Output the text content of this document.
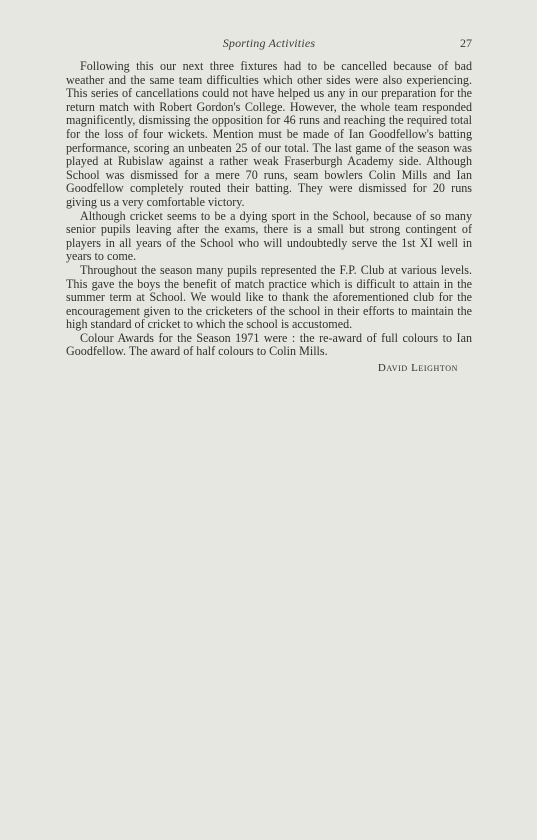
Sporting Activities	27

Following this our next three fixtures had to be cancelled because of bad weather and the same team difficulties which other sides were also experiencing. This series of cancellations could not have helped us any in our preparation for the return match with Robert Gordon's College. However, the whole team responded magnificently, dismissing the opposition for 46 runs and reaching the required total for the loss of four wickets. Mention must be made of Ian Goodfellow's batting performance, scoring an unbeaten 25 of our total. The last game of the season was played at Rubislaw against a rather weak Fraserburgh Academy side. Although School was dismissed for a mere 70 runs, seam bowlers Colin Mills and Ian Goodfellow completely routed their batting. They were dismissed for 20 runs giving us a very comfortable victory.

Although cricket seems to be a dying sport in the School, because of so many senior pupils leaving after the exams, there is a small but strong contingent of players in all years of the School who will undoubtedly serve the 1st XI well in years to come.

Throughout the season many pupils represented the F.P. Club at various levels. This gave the boys the benefit of match practice which is difficult to attain in the summer term at School. We would like to thank the aforementioned club for the encouragement given to the cricketers of the school in their efforts to maintain the high standard of cricket to which the school is accustomed.

Colour Awards for the Season 1971 were : the re-award of full colours to Ian Goodfellow. The award of half colours to Colin Mills.

David Leighton
